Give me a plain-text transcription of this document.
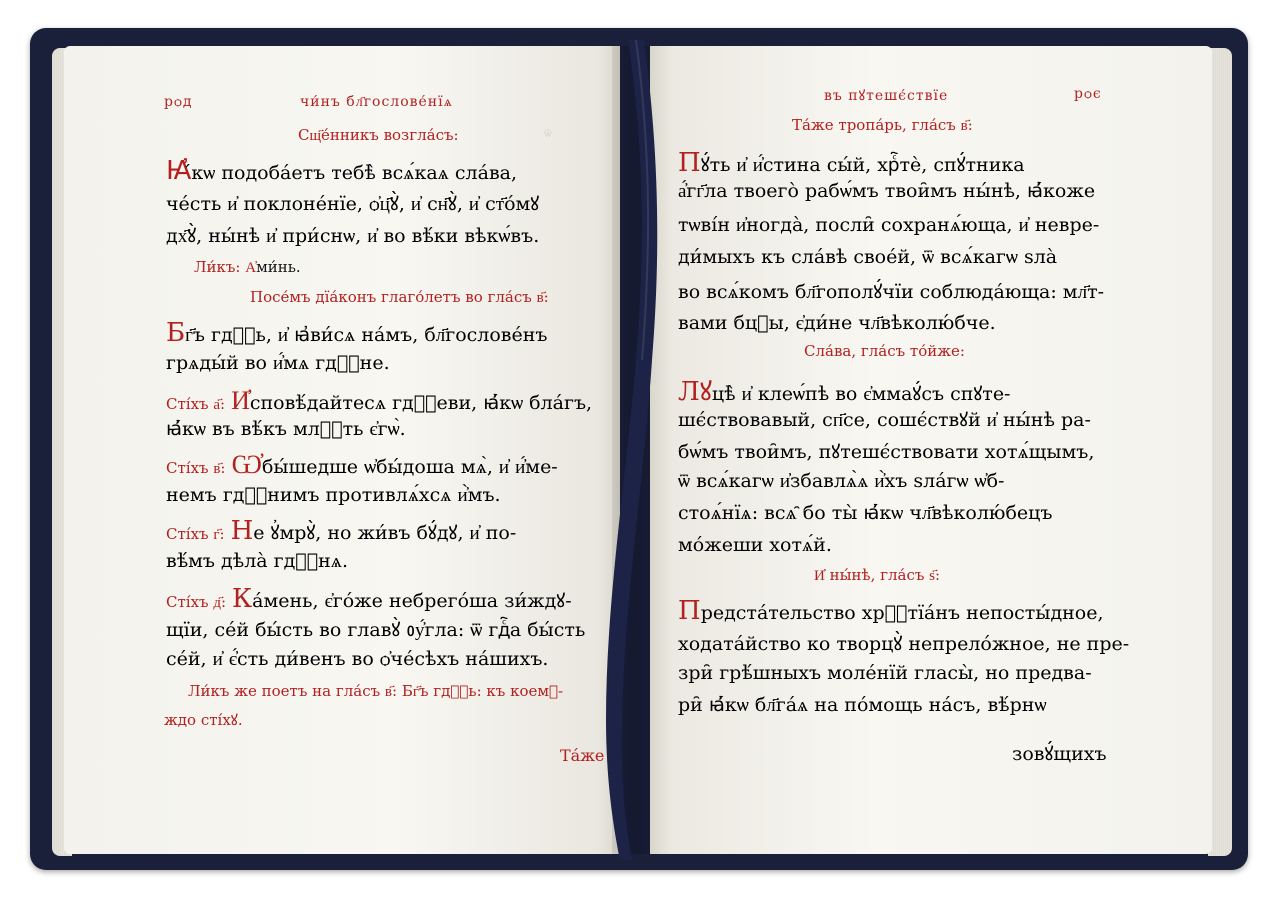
ѿ
рѻд	чи́нъ бл҃гослове́нїѧ
Сщ҃е́нникъ возгла́съ:
Ꙗ҆́кѡ подоба́етъ тебѣ̀ всѧ́каѧ сла́ва,
че́сть и҆ поклоне́нїе, ѻ҆ц҃ꙋ̀, и҆ сн҃ꙋ̀, и҆ ст҃о́мꙋ
дх҃ꙋ̀, ны́нѣ и҆ при́снѡ, и҆ во вѣ́ки вѣкѡ́въ.
Ли́къ: А҆ми́нь.
Посе́мъ дїа́конъ глаго́летъ во гла́съ в҃:
Бг҃ъ гдⷭ҇ь, и҆ ꙗ҆ви́сѧ на́мъ, бл҃гослове́нъ
грѧды́й во и҆́мѧ гдⷭ҇не.
Сті́хъ а҃: И҆сповѣ́дайтесѧ гдⷭ҇еви, ꙗ҆́кѡ бла́гъ,
ꙗ҆́кѡ въ вѣ́къ млⷭ҇ть є҆гѡ̀.
Сті́хъ в҃: Ѡ҆бы́шедше ѡ҆бы́доша мѧ̀, и҆ и҆́ме-
немъ гдⷭ҇нимъ противлѧ́хсѧ и҆̀мъ.
Сті́хъ г҃: Не ꙋ҆мрꙋ̀, но жи́въ бꙋ́дꙋ, и҆ по-
вѣ́мъ дѣла̀ гдⷭ҇нѧ.
Сті́хъ д҃: Ка́мень, є҆го́же небрего́ша зи́ждꙋ-
щїи, се́й бы́сть во главꙋ̀ ᲂу҆́гла: ѿ гдⷭ҇а бы́сть
се́й, и҆ є҆́сть ди́венъ во ѻ҆че́сѣхъ на́шихъ.
Ли́къ же поетъ на гла́съ в҃: Бг҃ъ гдⷭ҇ь: къ коемꙋ-
ждо сті́хꙋ.
Та́же
въ пꙋтешє́ствїе	рѻє
Та́же тропа́рь, гла́съ в҃:
Пꙋ́ть и҆ и҆́стина сы́й, хрⷭ҇тѐ, спꙋ́тника
а҆́гг҃ла твоего̀ рабѡ́мъ твои̑мъ ны́нѣ, ꙗ҆́коже
тѡві́н и҆ногда̀, посли̑ сохранѧ́юща, и҆ невре-
ди́мыхъ къ сла́вѣ свое́й, ѿ всѧ́кагѡ ѕла̀
во всѧ́комъ бл҃гополꙋ́чїи соблюда́юща: мл҃т-
вами бцⷣы, є҆ди́не чл҃вѣколю́бче.
Сла́ва, гла́съ то́йже:
Лꙋцѣ̀ и҆ клеѡ́пѣ во є҆ммаꙋ́съ спꙋте-
шє́ствовавый, сп҃се, сошє́ствꙋй и҆ ны́нѣ ра-
бѡ́мъ твои̑мъ, пꙋтешє́ствовати хотѧ́щымъ,
ѿ всѧ́кагѡ и҆збавлѧ̀ѧ и҆̀хъ ѕла́гѡ ѡ҆б-
стоѧ́нїѧ: всѧ̑ бо ты̀ ꙗ҆́кѡ чл҃вѣколю́бецъ
мо́жеши хотѧ́й.
И҆ ны́нѣ, гла́съ ѕ҃:
Предста́тельство хрⷭ҇тїа́нъ непосты́дное,
ходата́йство ко творцꙋ̀ непрело́жное, не пре-
зри̑ грѣ́шныхъ моле́нїй гласы̀, но предва-
ри̑ ꙗ҆́кѡ бл҃га́ѧ на по́мощь на́съ, вѣ́рнѡ
зовꙋ́щихъ
